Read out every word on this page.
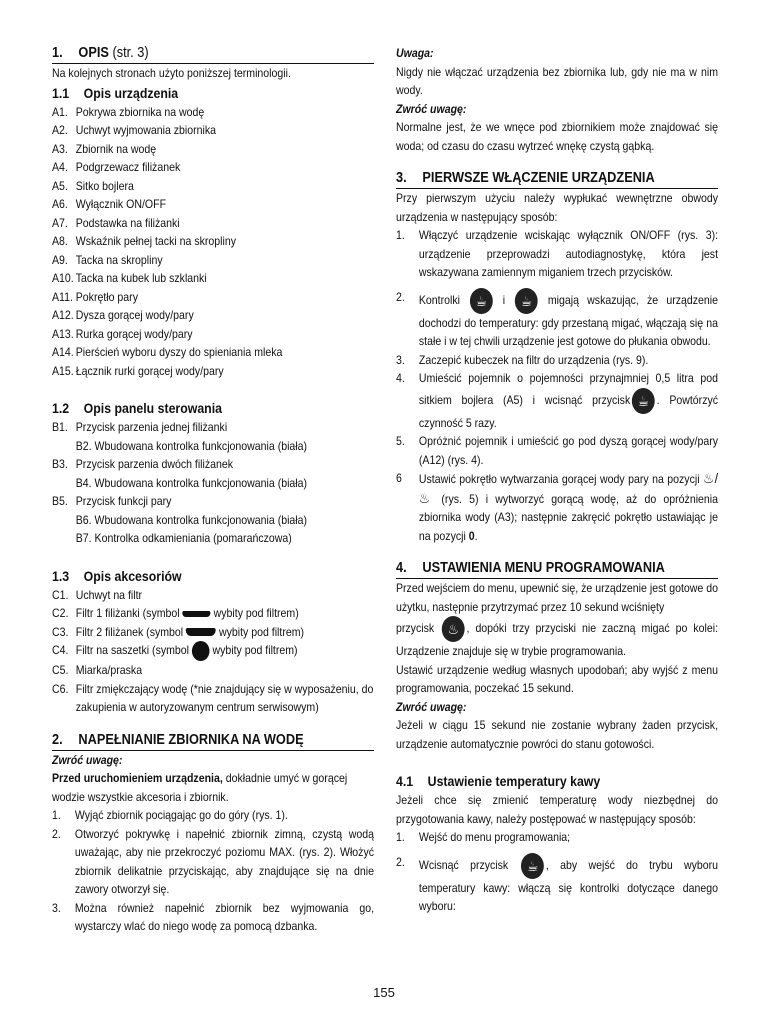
1. OPIS (str. 3)
Na kolejnych stronach użyto poniższej terminologii.
1.1 Opis urządzenia
A1. Pokrywa zbiornika na wodę
A2. Uchwyt wyjmowania zbiornika
A3. Zbiornik na wodę
A4. Podgrzewacz filiżanek
A5. Sitko bojlera
A6. Wyłącznik ON/OFF
A7. Podstawka na filiżanki
A8. Wskaźnik pełnej tacki na skropliny
A9. Tacka na skropliny
A10. Tacka na kubek lub szklanki
A11. Pokrętło pary
A12. Dysza gorącej wody/pary
A13. Rurka gorącej wody/pary
A14. Pierścień wyboru dyszy do spieniania mleka
A15. Łącznik rurki gorącej wody/pary
1.2 Opis panelu sterowania
B1. Przycisk parzenia jednej filiżanki
B2. Wbudowana kontrolka funkcjonowania (biała)
B3. Przycisk parzenia dwóch filiżanek
B4. Wbudowana kontrolka funkcjonowania (biała)
B5. Przycisk funkcji pary
B6. Wbudowana kontrolka funkcjonowania (biała)
B7. Kontrolka odkamieniania (pomarańczowa)
1.3 Opis akcesoriów
C1. Uchwyt na filtr
C2. Filtr 1 filiżanki (symbol  wybity pod filtrem)
C3. Filtr 2 filiżanek (symbol  wybity pod filtrem)
C4. Filtr na saszetki (symbol  wybity pod filtrem)
C5. Miarka/praska
C6. Filtr zmiękczający wodę (*nie znajdujący się w wyposażeniu, do zakupienia w autoryzowanym centrum serwisowym)
2. NAPEŁNIANIE ZBIORNIKA NA WODĘ
Zwróć uwagę:
Przed uruchomieniem urządzenia, dokładnie umyć w gorącej wodzie wszystkie akcesoria i zbiornik.
1.	Wyjąć zbiornik pociągając go do góry (rys. 1).
2.	Otworzyć pokrywkę i napełnić zbiornik zimną, czystą wodą uważając, aby nie przekroczyć poziomu MAX. (rys. 2). Włożyć zbiornik delikatnie przyciskając, aby znajdujące się na dnie zawory otworzył się.
3.	Można również napełnić zbiornik bez wyjmowania go, wystarczy wlać do niego wodę za pomocą dzbanka.
Uwaga:
Nigdy nie włączać urządzenia bez zbiornika lub, gdy nie ma w nim wody.
Zwróć uwagę:
Normalne jest, że we wnęce pod zbiornikiem może znajdować się woda; od czasu do czasu wytrzeć wnękę czystą gąbką.
3. PIERWSZE WŁĄCZENIE URZĄDZENIA
Przy pierwszym użyciu należy wypłukać wewnętrzne obwody urządzenia w następujący sposób:
1.	Włączyć urządzenie wciskając wyłącznik ON/OFF (rys. 3): urządzenie przeprowadzi autodiagnostykę, która jest wskazywana zamiennym miganiem trzech przycisków.
2.	Kontrolki ☕ i ☕ migają wskazując, że urządzenie dochodzi do temperatury: gdy przestaną migać, włączają się na stałe i w tej chwili urządzenie jest gotowe do płukania obwodu.
3.	Zaczepić kubeczek na filtr do urządzenia (rys. 9).
4.	Umieścić pojemnik o pojemności przynajmniej 0,5 litra pod sitkiem bojlera (A5) i wcisnąć przycisk ☕ . Powtórzyć czynność 5 razy.
5.	Opróżnić pojemnik i umieścić go pod dyszą gorącej wody/pary (A12) (rys. 4).
6	Ustawić pokrętło wytwarzania gorącej wody pary na pozycji ♨/♨ (rys. 5) i wytworzyć gorącą wodę, aż do opróżnienia zbiornika wody (A3); następnie zakręcić pokrętło ustawiając je na pozycji 0.
4. USTAWIENIA MENU PROGRAMOWANIA
Przed wejściem do menu, upewnić się, że urządzenie jest gotowe do użytku, następnie przytrzymać przez 10 sekund wciśnięty
przycisk ♨ , dopóki trzy przyciski nie zaczną migać po kolei: Urządzenie znajduje się w trybie programowania.
Ustawić urządzenie według własnych upodobań; aby wyjść z menu programowania, poczekać 15 sekund.
Zwróć uwagę:
Jeżeli w ciągu 15 sekund nie zostanie wybrany żaden przycisk, urządzenie automatycznie powróci do stanu gotowości.
4.1 Ustawienie temperatury kawy
Jeżeli chce się zmienić temperaturę wody niezbędnej do przygotowania kawy, należy postępować w następujący sposób:
1.	Wejść do menu programowania;
2.	Wcisnąć przycisk ☕ , aby wejść do trybu wyboru temperatury kawy: włączą się kontrolki dotyczące danego wyboru:
155
